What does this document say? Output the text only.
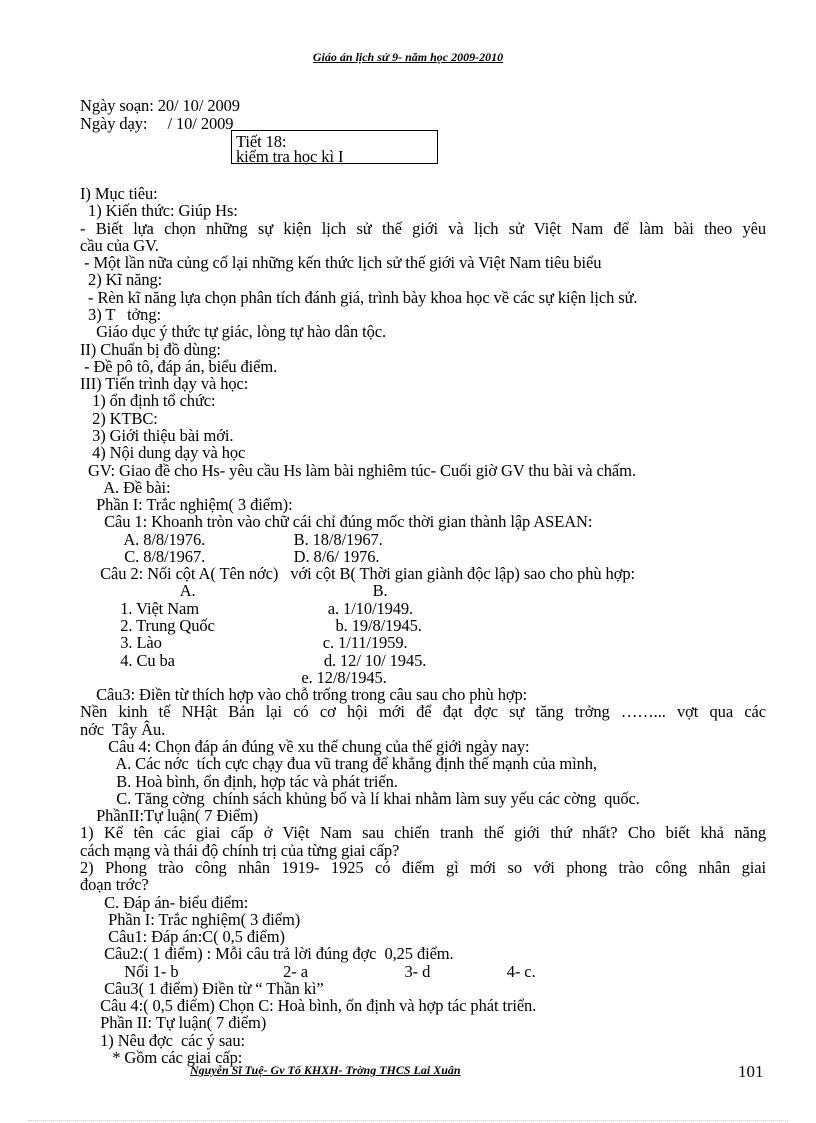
Giáo án lịch sử 9- năm học 2009-2010
Ngày soạn: 20/ 10/ 2009
Ngày dạy:     / 10/ 2009
Tiết 18:
kiểm tra học kì I
I) Mục tiêu:
1) Kiến thức: Giúp Hs:
- Biết lựa chọn những sự kiện lịch sử thế giới và lịch sử Việt Nam để làm bài theo yêu
cầu của GV.
- Một lần nữa củng cố lại những kến thức lịch sử thế giới và Việt Nam tiêu biểu
2) Kĩ năng:
- Rèn kĩ năng lựa chọn phân tích đánh giá, trình bày khoa học về các sự kiện lịch sử.
3) T   tởng:
Giáo dục ý thức tự giác, lòng tự hào dân tộc.
II) Chuẩn bị đồ dùng:
- Đề pô tô, đáp án, biểu điểm.
III) Tiến trình dạy và học:
1) ổn định tổ chức:
2) KTBC:
3) Giới thiệu bài mới.
4) Nội dung dạy và học
GV: Giao đề cho Hs- yêu cầu Hs làm bài nghiêm túc- Cuối giờ GV thu bài và chấm.
A. Đề bài:
Phần I: Trắc nghiệm( 3 điểm):
Câu 1: Khoanh tròn vào chữ cái chỉ đúng mốc thời gian thành lập ASEAN:
A. 8/8/1976.                      B. 18/8/1967.
C. 8/8/1967.                      D. 8/6/ 1976.
Câu 2: Nối cột A( Tên nớc)   với cột B( Thời gian giành độc lập) sao cho phù hợp:
A.                                            B.
1. Việt Nam                                a. 1/10/1949.
2. Trung Quốc                              b. 19/8/1945.
3. Lào                                        c. 1/11/1959.
4. Cu ba                                     d. 12/ 10/ 1945.
e. 12/8/1945.
Câu3: Điền từ thích hợp vào chỗ trống trong câu sau cho phù hợp:
Nền kinh tế NHật Bản lại có cơ hội mới để đạt đợc sự tăng trởng ……... vợt qua các
nớc  Tây Âu.
Câu 4: Chọn đáp án đúng về xu thế chung của thế giới ngày nay:
A. Các nớc  tích cực chạy đua vũ trang để khẳng định thế mạnh của mình,
B. Hoà bình, ổn định, hợp tác và phát triển.
C. Tăng cờng  chính sách khủng bố và lí khai nhằm làm suy yếu các cờng  quốc.
PhầnII:Tự luận( 7 Điểm)
1) Kể tên các giai cấp ở Việt Nam sau chiến tranh thế giới thứ nhất? Cho biết khả năng
cách mạng và thái độ chính trị của từng giai cấp?
2) Phong trào công nhân 1919- 1925 có điểm gì mới so với phong trào công nhân giai
đoạn trớc?
C. Đáp án- biểu điểm:
Phần I: Trắc nghiệm( 3 điểm)
Câu1: Đáp án:C( 0,5 điểm)
Câu2:( 1 điểm) : Mỗi câu trả lời đúng đợc  0,25 điểm.
Nối 1- b                          2- a                        3- d                   4- c.
Câu3( 1 điểm) Điền từ “ Thần kì”
Câu 4:( 0,5 điểm) Chọn C: Hoà bình, ổn định và hợp tác phát triển.
Phần II: Tự luận( 7 điểm)
1) Nêu đợc  các ý sau:
* Gồm các giai cấp:
Nguyễn Sĩ Tuệ- Gv Tổ KHXH- Trờng THCS Lai Xuân	101
